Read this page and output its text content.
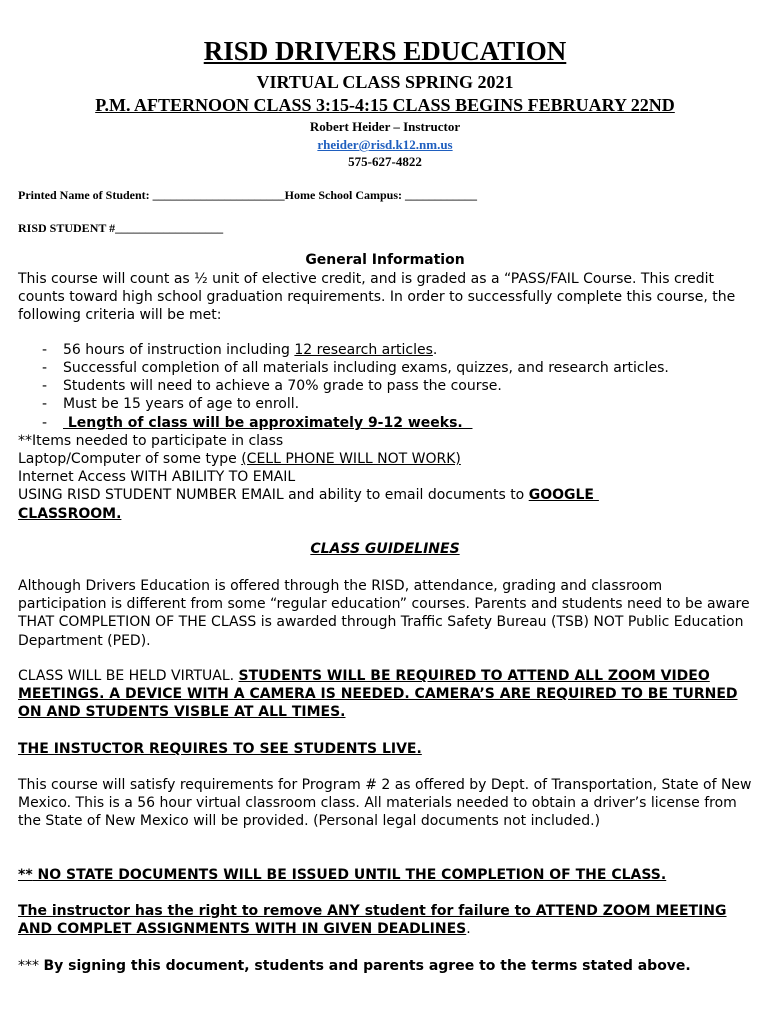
RISD DRIVERS EDUCATION
VIRTUAL CLASS SPRING 2021
P.M. AFTERNOON CLASS 3:15-4:15 CLASS BEGINS FEBRUARY 22ND
Robert Heider – Instructor
rheider@risd.k12.nm.us
575-627-4822
Printed Name of Student: ______________________Home School Campus: ____________
RISD STUDENT #__________________
General Information
This course will count as ½ unit of elective credit, and is graded as a “PASS/FAIL Course. This credit counts toward high school graduation requirements. In order to successfully complete this course, the following criteria will be met:
- 56 hours of instruction including 12 research articles.
- Successful completion of all materials including exams, quizzes, and research articles.
- Students will need to achieve a 70% grade to pass the course.
- Must be 15 years of age to enroll.
- Length of class will be approximately 9-12 weeks.
**Items needed to participate in class
Laptop/Computer of some type (CELL PHONE WILL NOT WORK)
Internet Access WITH ABILITY TO EMAIL
USING RISD STUDENT NUMBER EMAIL and ability to email documents to GOOGLE
CLASSROOM.
CLASS GUIDELINES
Although Drivers Education is offered through the RISD, attendance, grading and classroom participation is different from some “regular education” courses. Parents and students need to be aware THAT COMPLETION OF THE CLASS is awarded through Traffic Safety Bureau (TSB) NOT Public Education Department (PED).
CLASS WILL BE HELD VIRTUAL. STUDENTS WILL BE REQUIRED TO ATTEND ALL ZOOM VIDEO MEETINGS. A DEVICE WITH A CAMERA IS NEEDED. CAMERA’S ARE REQUIRED TO BE TURNED ON AND STUDENTS VISBLE AT ALL TIMES.
THE INSTUCTOR REQUIRES TO SEE STUDENTS LIVE.
This course will satisfy requirements for Program # 2 as offered by Dept. of Transportation, State of New Mexico. This is a 56 hour virtual classroom class. All materials needed to obtain a driver’s license from the State of New Mexico will be provided. (Personal legal documents not included.)
** NO STATE DOCUMENTS WILL BE ISSUED UNTIL THE COMPLETION OF THE CLASS.
The instructor has the right to remove ANY student for failure to ATTEND ZOOM MEETING AND COMPLET ASSIGNMENTS WITH IN GIVEN DEADLINES.
*** By signing this document, students and parents agree to the terms stated above.
